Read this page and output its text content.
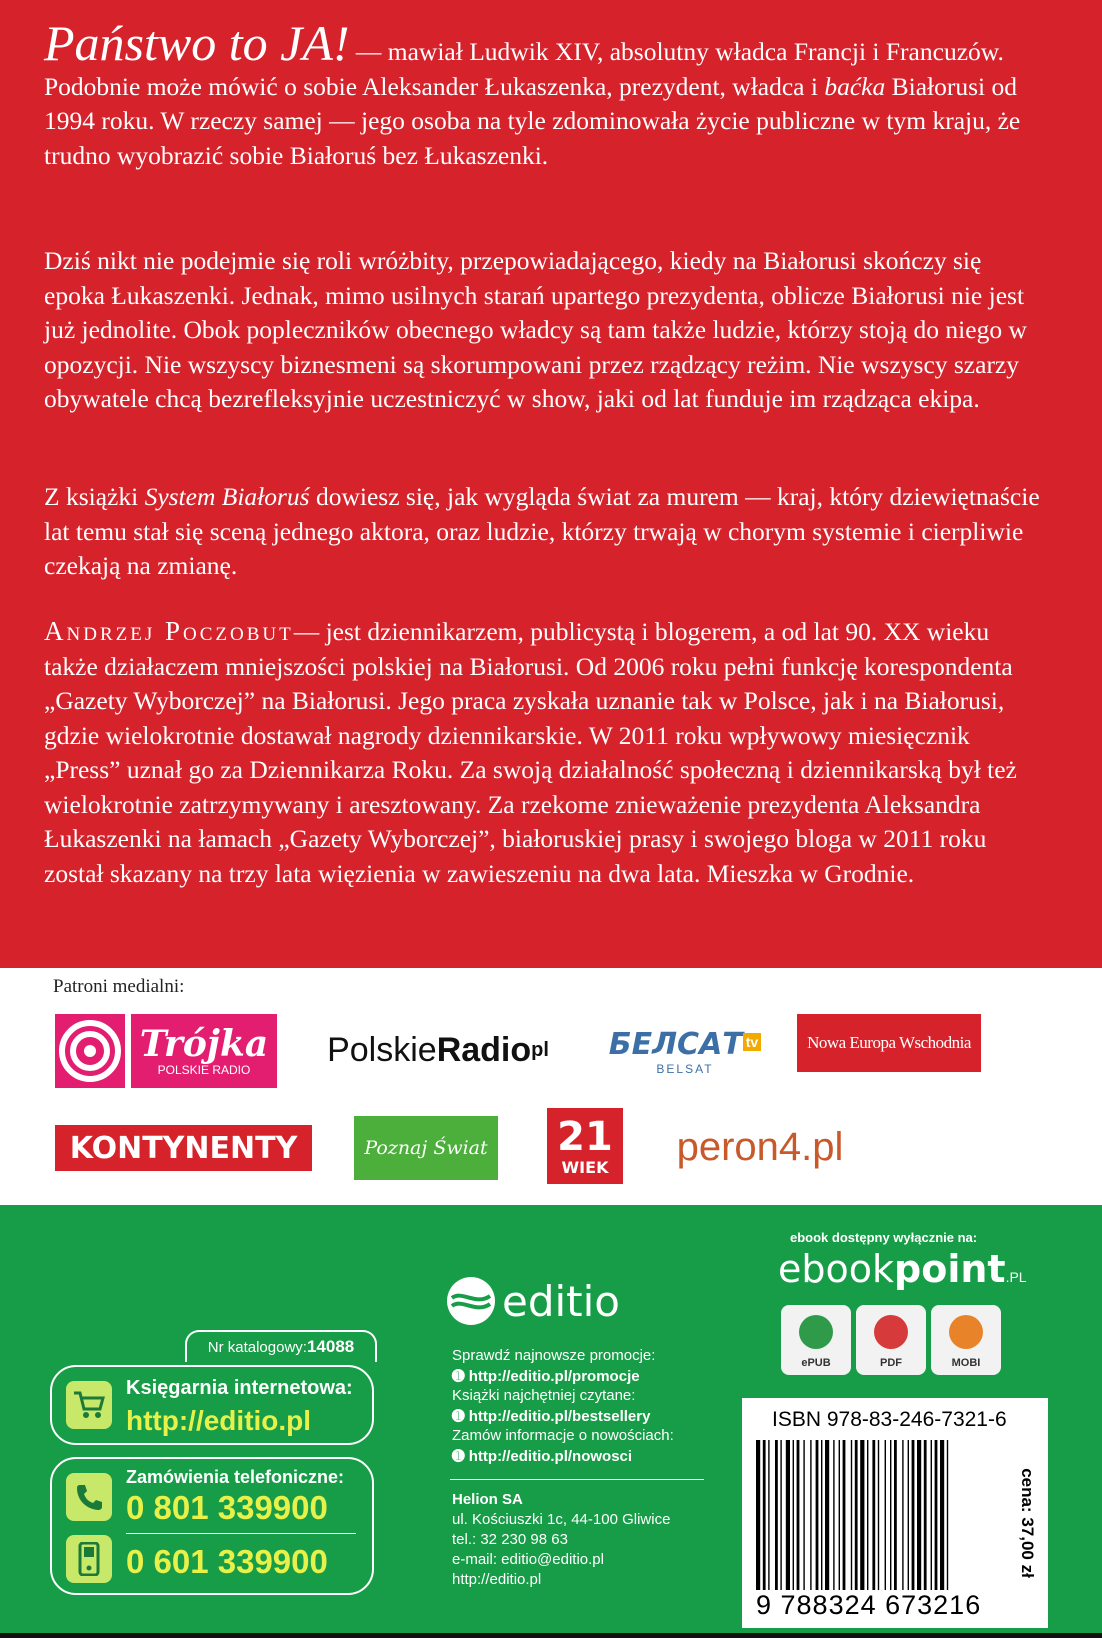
Państwo to JA! — mawiał Ludwik XIV, absolutny władca Francji i Francuzów. Podobnie może mówić o sobie Aleksander Łukaszenka, prezydent, władca i baćka Białorusi od 1994 roku. W rzeczy samej — jego osoba na tyle zdominowała życie publiczne w tym kraju, że trudno wyobrazić sobie Białoruś bez Łukaszenki.

Dziś nikt nie podejmie się roli wróżbity, przepowiadającego, kiedy na Białorusi skończy się epoka Łukaszenki. Jednak, mimo usilnych starań upartego prezydenta, oblicze Białorusi nie jest już jednolite. Obok popleczników obecnego władcy są tam także ludzie, którzy stoją do niego w opozycji. Nie wszyscy biznesmeni są skorumpowani przez rządzący reżim. Nie wszyscy szarzy obywatele chcą bezrefleksyjnie uczestniczyć w show, jaki od lat funduje im rządząca ekipa.

Z książki System Białoruś dowiesz się, jak wygląda świat za murem — kraj, który dziewiętnaście lat temu stał się sceną jednego aktora, oraz ludzie, którzy trwają w chorym systemie i cierpliwie czekają na zmianę.

Andrzej Poczobut— jest dziennikarzem, publicystą i blogerem, a od lat 90. XX wieku także działaczem mniejszości polskiej na Białorusi. Od 2006 roku pełni funkcję korespondenta „Gazety Wyborczej” na Białorusi. Jego praca zyskała uznanie tak w Polsce, jak i na Białorusi, gdzie wielokrotnie dostawał nagrody dziennikarskie. W 2011 roku wpływowy miesięcznik „Press” uznał go za Dziennikarza Roku. Za swoją działalność społeczną i dziennikarską był też wielokrotnie zatrzymywany i aresztowany. Za rzekome znieważenie prezydenta Aleksandra Łukaszenki na łamach „Gazety Wyborczej”, białoruskiej prasy i swojego bloga w 2011 roku został skazany na trzy lata więzienia w zawieszeniu na dwa lata. Mieszka w Grodnie.

Patroni medialni:
Trójka
POLSKIE RADIO
Polskie Radio pl БЕЛСАТ tv
BELSAT
Nowa Europa Wschodnia
KONTYNENTY	Poznaj Świat 21
WIEK peron4.pl
Nr katalogowy: 14088
Księgarnia internetowa:
http://editio.pl
Zamówienia telefoniczne:
0 801 339900
0 601 339900
editio
Sprawdź najnowsze promocje:
➊ http://editio.pl/promocje
Książki najchętniej czytane:
➊ http://editio.pl/bestsellery
Zamów informacje o nowościach:
➊ http://editio.pl/nowosci
Helion SA
ul. Kościuszki 1c, 44-100 Gliwice
tel.: 32 230 98 63
e-mail: editio@editio.pl
http://editio.pl
ebook dostępny wyłącznie na:
ebook point .PL
ePUB	PDF	MOBI
ISBN 978-83-246-7321-6
9 788324 673216
cena: 37,00 zł
